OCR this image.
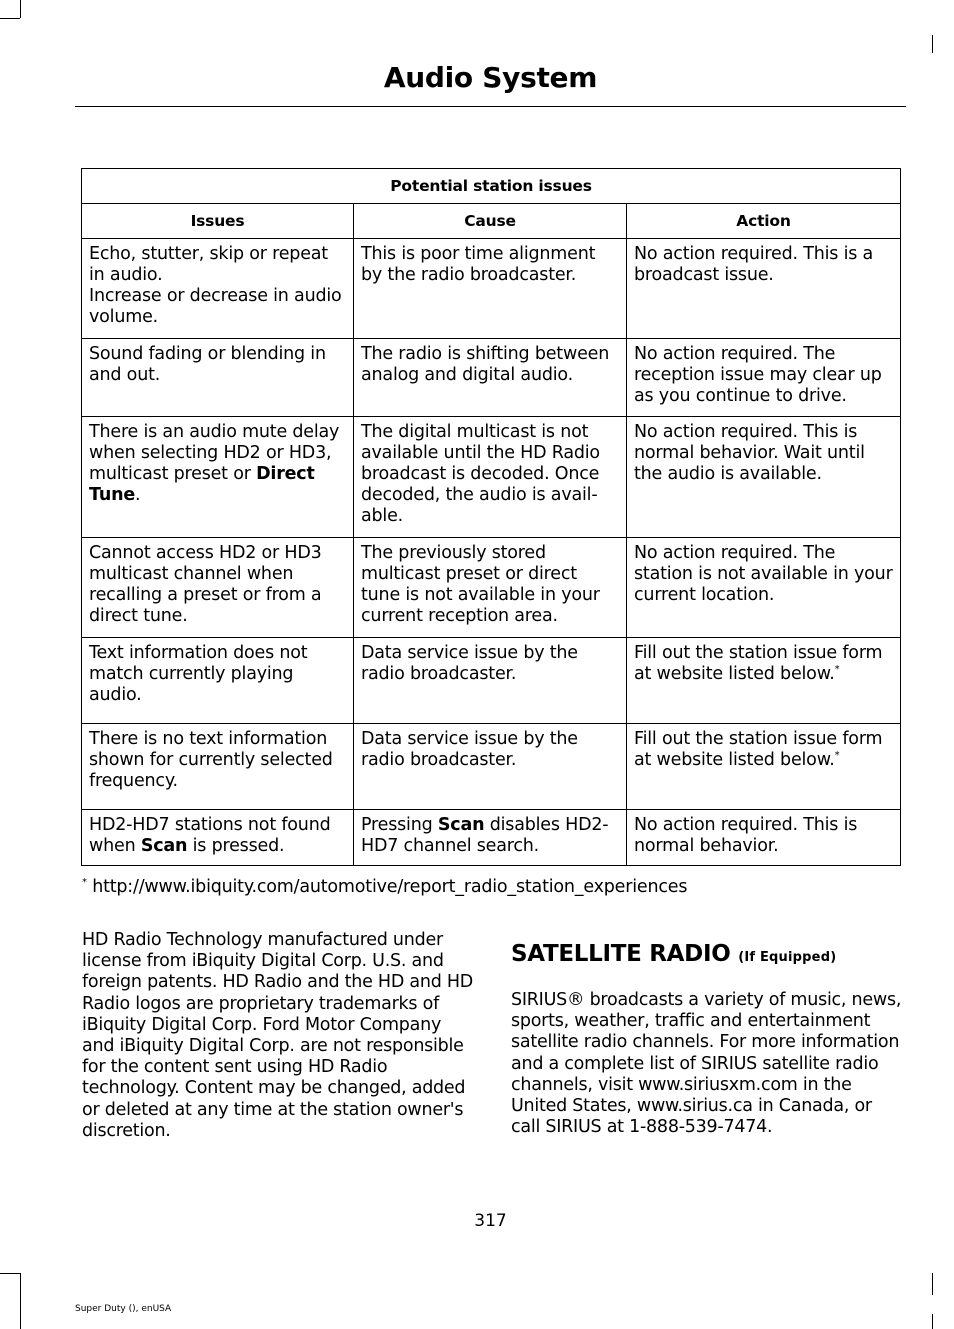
Audio System
Potential station issues		
Issues	Cause	Action

Echo, stutter, skip or repeat in audio.
Increase or decrease in audio volume.	This is poor time alignment by the radio broadcaster.	No action required. This is a broadcast issue.
Sound fading or blending in and out.	The radio is shifting between analog and digital audio.	No action required. The reception issue may clear up as you continue to drive.
There is an audio mute delay when selecting HD2 or HD3, multicast preset or Direct Tune.	The digital multicast is not available until the HD Radio broadcast is decoded. Once decoded, the audio is avail-able.	No action required. This is normal behavior. Wait until the audio is available.
Cannot access HD2 or HD3 multicast channel when recalling a preset or from a direct tune.	The previously stored multicast preset or direct tune is not available in your current reception area.	No action required. The station is not available in your current location.
Text information does not match currently playing audio.	Data service issue by the radio broadcaster.	Fill out the station issue form at website listed below.*
There is no text information shown for currently selected frequency.	Data service issue by the radio broadcaster.	Fill out the station issue form at website listed below.*
HD2-HD7 stations not found when Scan is pressed.	Pressing Scan disables HD2-HD7 channel search.	No action required. This is normal behavior.
* http://www.ibiquity.com/automotive/report_radio_station_experiences
HD Radio Technology manufactured under license from iBiquity Digital Corp. U.S. and foreign patents. HD Radio and the HD and HD Radio logos are proprietary trademarks of iBiquity Digital Corp. Ford Motor Company and iBiquity Digital Corp. are not responsible for the content sent using HD Radio technology. Content may be changed, added or deleted at any time at the station owner's discretion.
SATELLITE RADIO (If Equipped)
SIRIUS® broadcasts a variety of music, news, sports, weather, traffic and entertainment satellite radio channels. For more information and a complete list of SIRIUS satellite radio channels, visit www.siriusxm.com in the United States, www.sirius.ca in Canada, or call SIRIUS at 1-888-539-7474.
317
Super Duty (), enUSA
